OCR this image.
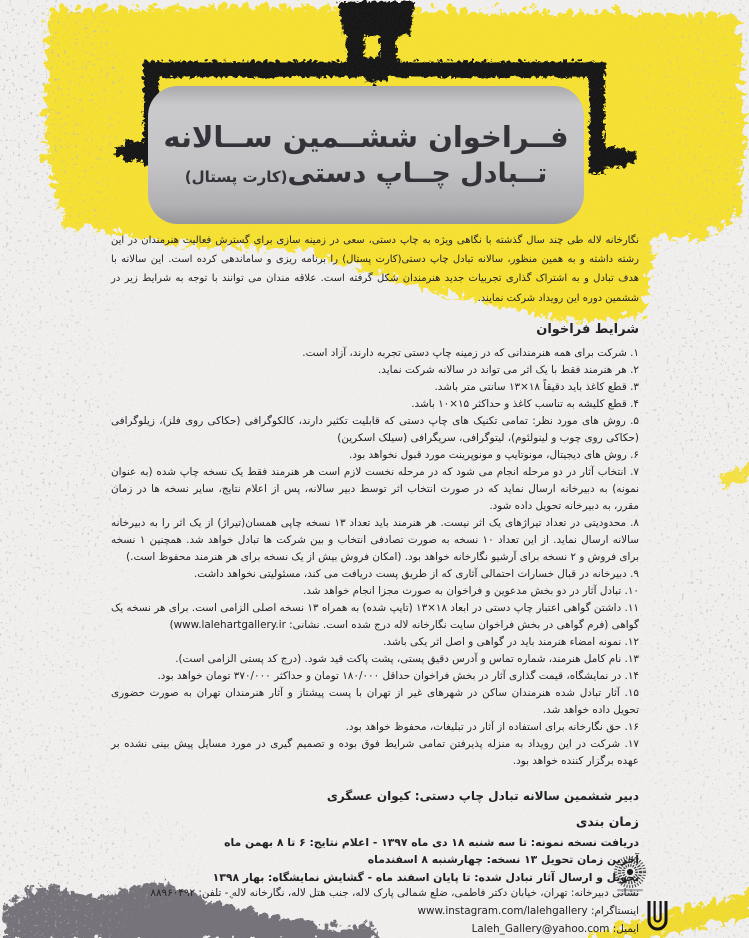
فــراخوان ششــمین ســالانه
تــبادل چــاپ دستی(کارت پستال)
نگارخانه لاله طی چند سال گذشته با نگاهی ویژه به چاپ دستی، سعی در زمینه سازی برای گسترش فعالیت هنرمندان در این رشته داشته و به همین منظور، سالانه تبادل چاپ دستی(کارت پستال) را برنامه ریزی و ساماندهی کرده است. این سالانه با هدف تبادل و به اشتراک گذاری تجربیات جدید هنرمندان شکل گرفته است. علاقه مندان می توانند با توجه به شرایط زیر در ششمین دوره این رویداد شرکت نمایند.
شرایط فراخوان
۱. شرکت برای همه هنرمندانی که در زمینه چاپ دستی تجربه دارند، آزاد است.
۲. هر هنرمند فقط با یک اثر می تواند در سالانه شرکت نماید.
۳. قطع کاغذ باید دقیقاً ۱۸×۱۳ سانتی متر باشد.
۴. قطع کلیشه به تناسب کاغذ و حداکثر ۱۵×۱۰ باشد.
۵. روش های مورد نظر: تمامی تکنیک های چاپ دستی که قابلیت تکثیر دارند، کالکوگرافی (حکاکی روی فلز)، زیلوگرافی (حکاکی روی چوب و لینولئوم)، لیتوگرافی، سریگرافی (سیلک اسکرین)
۶. روش های دیجیتال، مونوتایپ و مونوپرینت مورد قبول نخواهد بود.
۷. انتخاب آثار در دو مرحله انجام می شود که در مرحله نخست لازم است هر هنرمند فقط یک نسخه چاپ شده (به عنوان نمونه) به دبیرخانه ارسال نماید که در صورت انتخاب اثر توسط دبیر سالانه، پس از اعلام نتایج، سایر نسخه ها در زمان مقرر، به دبیرخانه تحویل داده شود.
۸. محدودیتی در تعداد تیراژهای یک اثر نیست. هر هنرمند باید تعداد ۱۳ نسخه چاپی همسان(تیراژ) از یک اثر را به دبیرخانه سالانه ارسال نماید. از این تعداد ۱۰ نسخه به صورت تصادفی انتخاب و بین شرکت ها تبادل خواهد شد. همچنین ۱ نسخه برای فروش و ۲ نسخه برای آرشیو نگارخانه خواهد بود. (امکان فروش بیش از یک نسخه برای هر هنرمند محفوظ است.)
۹. دبیرخانه در قبال خسارات احتمالی آثاری که از طریق پست دریافت می کند، مسئولیتی نخواهد داشت.
۱۰. تبادل آثار در دو بخش مدعوین و فراخوان به صورت مجزا انجام خواهد شد.
۱۱. داشتن گواهی اعتبار چاپ دستی در ابعاد ۱۸×۱۳ (تایپ شده) به همراه ۱۳ نسخه اصلی الزامی است. برای هر نسخه یک گواهی (فرم گواهی در بخش فراخوان سایت نگارخانه لاله درج شده است. نشانی: www.lalehartgallery.ir)
۱۲. نمونه امضاء هنرمند باید در گواهی و اصل اثر یکی باشد.
۱۳. نام کامل هنرمند، شماره تماس و آدرس دقیق پستی، پشت پاکت قید شود. (درج کد پستی الزامی است).
۱۴. در نمایشگاه، قیمت گذاری آثار در بخش فراخوان حداقل ۱۸۰/۰۰۰ تومان و حداکثر ۳۷۰/۰۰۰ تومان خواهد بود.
۱۵. آثار تبادل شده هنرمندان ساکن در شهرهای غیر از تهران با پست پیشتاز و آثار هنرمندان تهران به صورت حضوری تحویل داده خواهد شد.
۱۶. حق نگارخانه برای استفاده از آثار در تبلیغات، محفوظ خواهد بود.
۱۷. شرکت در این رویداد به منزله پذیرفتن تمامی شرایط فوق بوده و تصمیم گیری در مورد مسایل پیش بینی نشده بر عهده برگزار کننده خواهد بود.
دبیر ششمین سالانه تبادل چاپ دستی: کیوان عسگری
زمان بندی
دریافت نسخه نمونه: تا سه شنبه ۱۸ دی ماه ۱۳۹۷ - اعلام نتایج: ۶ تا ۸ بهمن ماه
آخرین زمان تحویل ۱۳ نسخه: چهارشنبه ۸ اسفندماه
تحویل و ارسال آثار تبادل شده: تا پایان اسفند ماه - گشایش نمایشگاه: بهار ۱۳۹۸
نشانی دبیرخانه: تهران، خیابان دکتر فاطمی، ضلع شمالی پارک لاله، جنب هتل لاله، نگارخانه لاله - تلفن: ۸۸۹۶۰۴۹۲
اینستاگرام: www.instagram.com/lalehgallery
ایمیل: Laleh_Gallery@yahoo.com
